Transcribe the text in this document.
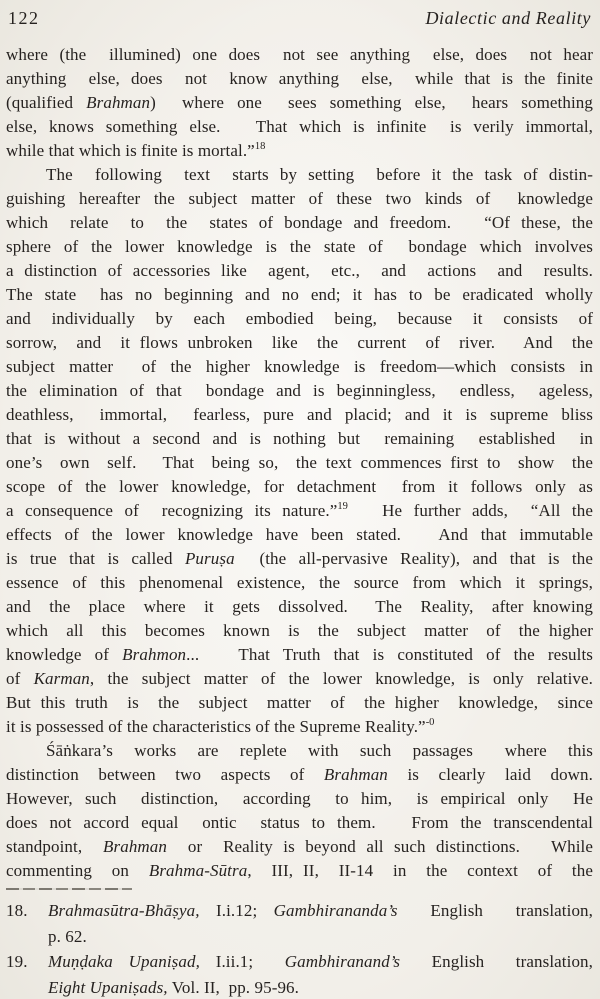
122	Dialectic and Reality
where (the  illumined) one does  not see anything  else, does  not hear
anything  else, does  not  know anything  else,  while that is the finite
(qualified Brahman)  where one  sees something else,  hears something
else, knows something else.   That which is infinite  is verily immortal,
while that which is finite is mortal.”$^{18}$
The  following  text  starts by setting  before it the task of distin-
guishing hereafter the subject matter of these two kinds of  knowledge
which  relate  to  the  states of bondage and freedom.   “Of these, the
sphere of the lower knowledge is the state of  bondage which involves
a distinction of accessories like  agent,  etc.,  and  actions  and  results.
The state  has no beginning and no end; it has to be eradicated wholly
and  individually  by  each  embodied  being,  because  it  consists  of
sorrow,  and  it flows unbroken  like  the  current  of  river.   And  the
subject matter  of the higher knowledge is freedom—which consists in
the elimination of that  bondage and is beginningless,  endless,  ageless,
deathless,  immortal,  fearless, pure and placid; and it is supreme bliss
that is without a second and is nothing but  remaining  established  in
one’s  own  self.   That  being so,  the text commences first to  show  the
scope of the lower knowledge, for detachment  from it follows only as
a consequence of  recognizing its nature.”$^{19}$   He further adds,  “All the
effects of the lower knowledge have been stated.   And that immutable
is true that is called Puruṣa  (the all-pervasive Reality), and that is the
essence of this phenomenal existence, the source from which it springs,
and  the  place  where  it  gets  dissolved.   The  Reality,  after knowing
which  all  this  becomes  known  is  the  subject  matter  of  the higher
knowledge of Brahmon...   That Truth that is constituted of the results
of Karman, the subject matter of the lower knowledge, is only relative.
But this truth  is  the  subject  matter  of  the higher  knowledge,  since
it is possessed of the characteristics of the Supreme Reality.”$^{-0}$
Śāṅkara’s  works  are  replete  with  such  passages   where  this
distinction  between  two  aspects  of  Brahman  is  clearly  laid  down.
However, such  distinction,  according  to him,  is empirical only  He
does not accord equal  ontic  status to them.   From the transcendental
standpoint,  Brahman  or  Reality is beyond all such distinctions.   While
commenting  on  Brahma-Sūtra,  III, II,  II-14  in  the  context  of  the
18.	Brahmasūtra-Bhāṣya, I.i.12; Gambhirananda’s  English  translation,
p. 62.
19.	Muṇḍaka Upaniṣad, I.ii.1;  Gambhiranand’s  English  translation,
Eight Upaniṣads, Vol. II,  pp. 95-96.
